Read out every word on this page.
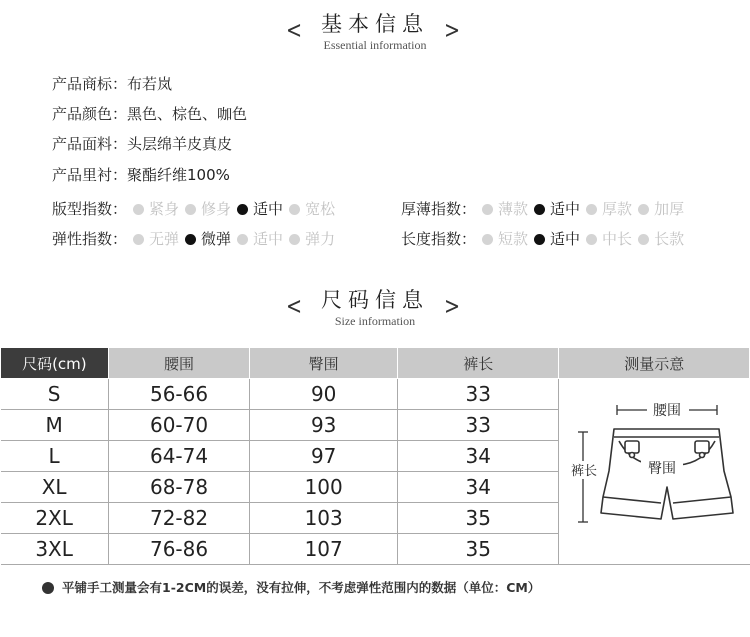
< 基本信息
Essential information
>
产品商标：布若岚
产品颜色：黑色、棕色、咖色
产品面料：头层绵羊皮真皮
产品里衬：聚酯纤维100%
版型指数： 紧身 修身 适中 宽松	厚薄指数： 薄款 适中 厚款 加厚
弹性指数： 无弹 微弹 适中 弹力	长度指数： 短款 适中 中长 长款
< 尺码信息
Size information
>
尺码(cm)	腰围	臀围	裤长	测量示意
S	56-66	90	33	腰围
裤长 臀围

M	60-70	93	33	
L	64-74	97	34	
XL	68-78	100	34	
2XL	72-82	103	35	
3XL	76-86	107	35	
平铺手工测量会有1-2CM的误差，没有拉伸，不考虑弹性范围内的数据（单位：CM）
